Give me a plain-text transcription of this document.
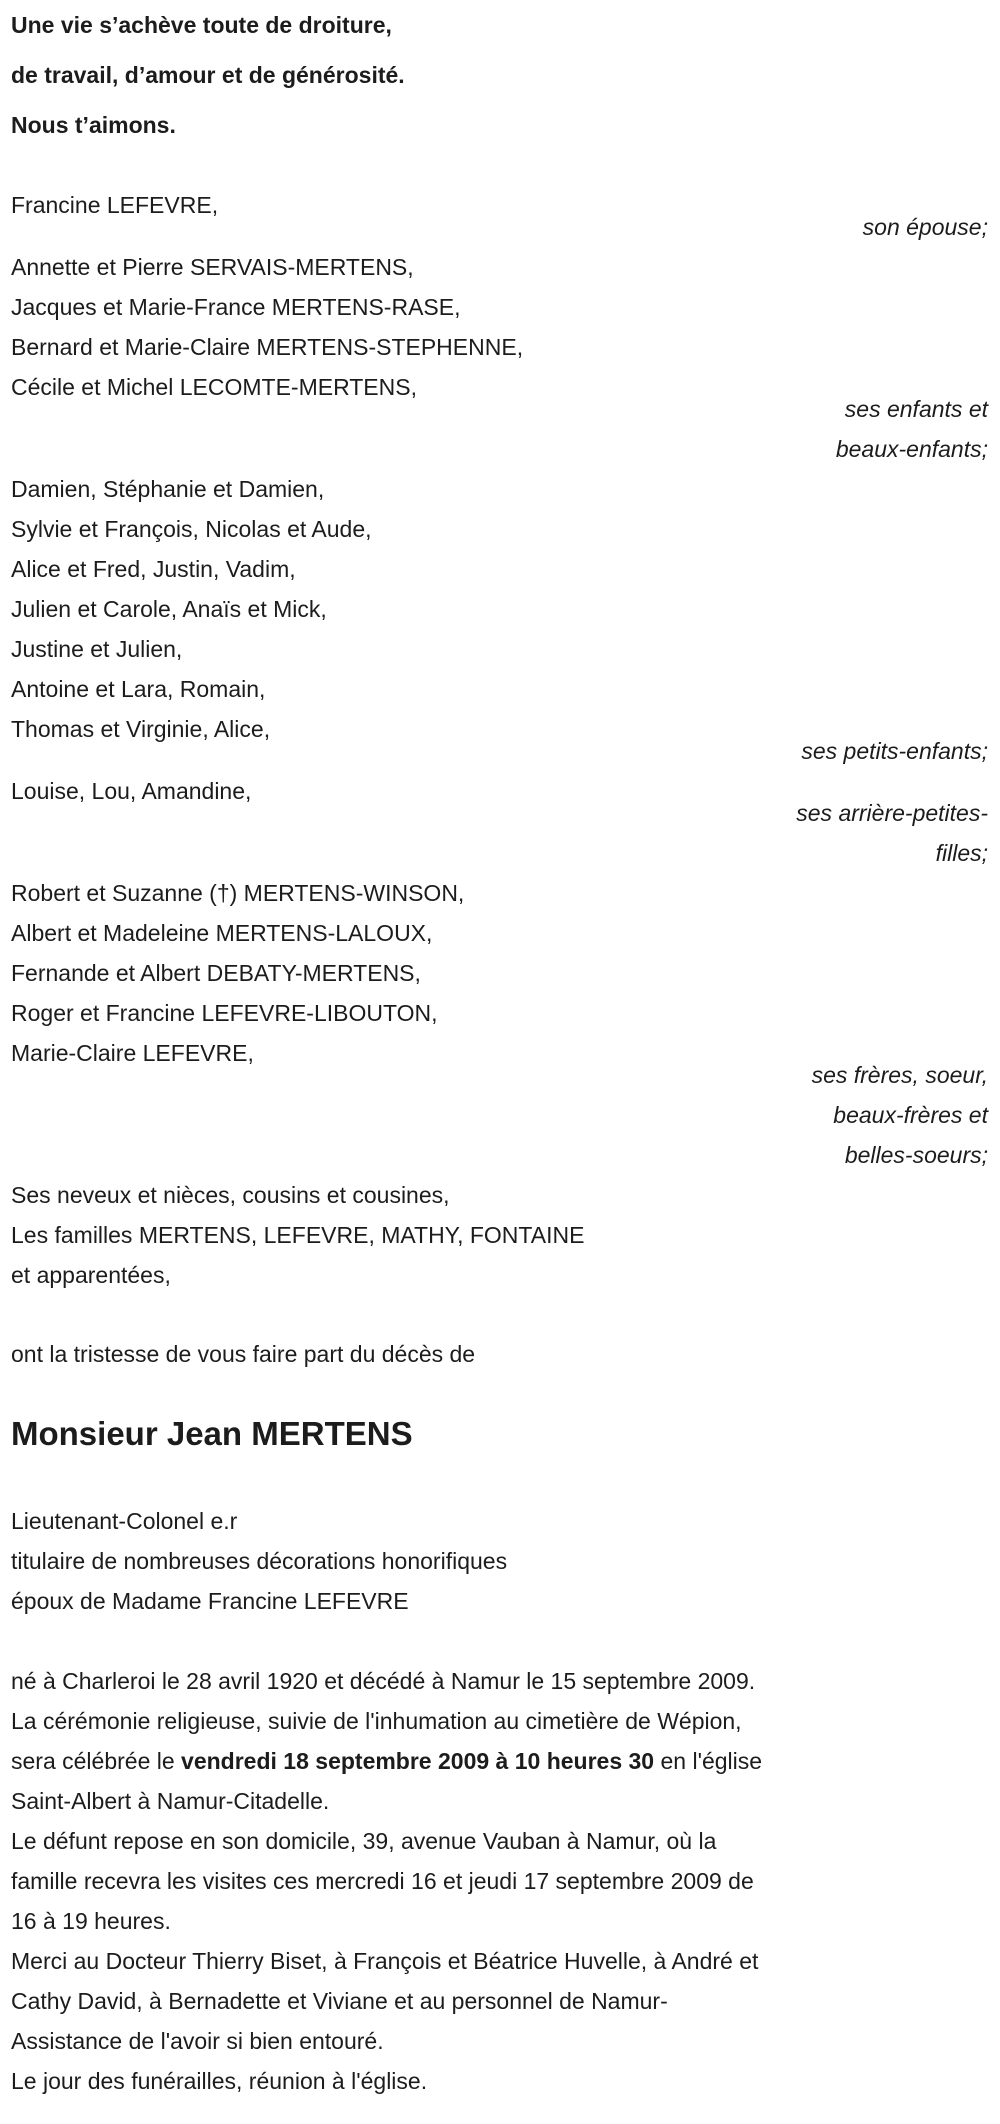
Une vie s’achève toute de droiture,
de travail, d’amour et de générosité.
Nous t’aimons.
Francine LEFEVRE,
son épouse;
Annette et Pierre SERVAIS-MERTENS,
Jacques et Marie-France MERTENS-RASE,
Bernard et Marie-Claire MERTENS-STEPHENNE,
Cécile et Michel LECOMTE-MERTENS,
ses enfants et
beaux-enfants;
Damien, Stéphanie et Damien,
Sylvie et François, Nicolas et Aude,
Alice et Fred, Justin, Vadim,
Julien et Carole, Anaïs et Mick,
Justine et Julien,
Antoine et Lara, Romain,
Thomas et Virginie, Alice,
ses petits-enfants;
Louise, Lou, Amandine,
ses arrière-petites-
filles;
Robert et Suzanne (†) MERTENS-WINSON,
Albert et Madeleine MERTENS-LALOUX,
Fernande et Albert DEBATY-MERTENS,
Roger et Francine LEFEVRE-LIBOUTON,
Marie-Claire LEFEVRE,
ses frères, soeur,
beaux-frères et
belles-soeurs;
Ses neveux et nièces, cousins et cousines,
Les familles MERTENS, LEFEVRE, MATHY, FONTAINE
et apparentées,
ont la tristesse de vous faire part du décès de
Monsieur Jean MERTENS
Lieutenant-Colonel e.r
titulaire de nombreuses décorations honorifiques
époux de Madame Francine LEFEVRE
né à Charleroi le 28 avril 1920 et décédé à Namur le 15 septembre 2009.
La cérémonie religieuse, suivie de l'inhumation au cimetière de Wépion,
sera célébrée le vendredi 18 septembre 2009 à 10 heures 30 en l'église
Saint-Albert à Namur-Citadelle.
Le défunt repose en son domicile, 39, avenue Vauban à Namur, où la
famille recevra les visites ces mercredi 16 et jeudi 17 septembre 2009 de
16 à 19 heures.
Merci au Docteur Thierry Biset, à François et Béatrice Huvelle, à André et
Cathy David, à Bernadette et Viviane et au personnel de Namur-
Assistance de l'avoir si bien entouré.
Le jour des funérailles, réunion à l'église.
